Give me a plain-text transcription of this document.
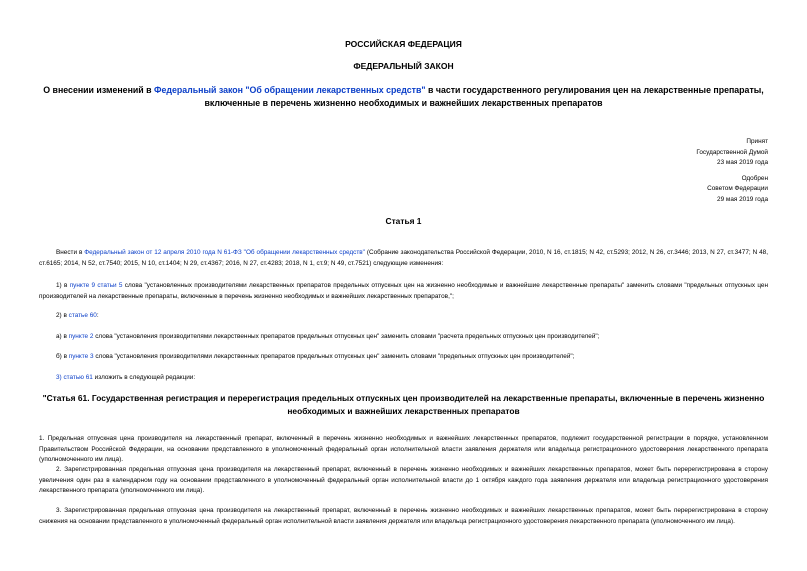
РОССИЙСКАЯ ФЕДЕРАЦИЯ
ФЕДЕРАЛЬНЫЙ ЗАКОН
О внесении изменений в Федеральный закон "Об обращении лекарственных средств" в части государственного регулирования цен на лекарственные препараты, включенные в перечень жизненно необходимых и важнейших лекарственных препаратов
Принят
Государственной Думой
23 мая 2019 года
Одобрен
Советом Федерации
29 мая 2019 года
Статья 1
Внести в Федеральный закон от 12 апреля 2010 года N 61-ФЗ "Об обращении лекарственных средств" (Собрание законодательства Российской Федерации, 2010, N 16, ст.1815; N 42, ст.5293; 2012, N 26, ст.3446; 2013, N 27, ст.3477; N 48, ст.6165; 2014, N 52, ст.7540; 2015, N 10, ст.1404; N 29, ст.4367; 2016, N 27, ст.4283; 2018, N 1, ст.9; N 49, ст.7521) следующие изменения:
1) в пункте 9 статьи 5 слова "установленных производителями лекарственных препаратов предельных отпускных цен на жизненно необходимые и важнейшие лекарственные препараты" заменить словами "предельных отпускных цен производителей на лекарственные препараты, включенные в перечень жизненно необходимых и важнейших лекарственных препаратов,";
2) в статье 60:
а) в пункте 2 слова "установления производителями лекарственных препаратов предельных отпускных цен" заменить словами "расчета предельных отпускных цен производителей";
б) в пункте 3 слова "установления производителями лекарственных препаратов предельных отпускных цен" заменить словами "предельных отпускных цен производителей";
3) статью 61 изложить в следующей редакции:
"Статья 61. Государственная регистрация и перерегистрация предельных отпускных цен производителей на лекарственные препараты, включенные в перечень жизненно необходимых и важнейших лекарственных препаратов
1. Предельная отпускная цена производителя на лекарственный препарат, включенный в перечень жизненно необходимых и важнейших лекарственных препаратов, подлежит государственной регистрации в порядке, установленном Правительством Российской Федерации, на основании представленного в уполномоченный федеральный орган исполнительной власти заявления держателя или владельца регистрационного удостоверения лекарственного препарата (уполномоченного им лица).
2. Зарегистрированная предельная отпускная цена производителя на лекарственный препарат, включенный в перечень жизненно необходимых и важнейших лекарственных препаратов, может быть перерегистрирована в сторону увеличения один раз в календарном году на основании представленного в уполномоченный федеральный орган исполнительной власти до 1 октября каждого года заявления держателя или владельца регистрационного удостоверения лекарственного препарата (уполномоченного им лица).
3. Зарегистрированная предельная отпускная цена производителя на лекарственный препарат, включенный в перечень жизненно необходимых и важнейших лекарственных препаратов, может быть перерегистрирована в сторону снижения на основании представленного в уполномоченный федеральный орган исполнительной власти заявления держателя или владельца регистрационного удостоверения лекарственного препарата (уполномоченного им лица).
